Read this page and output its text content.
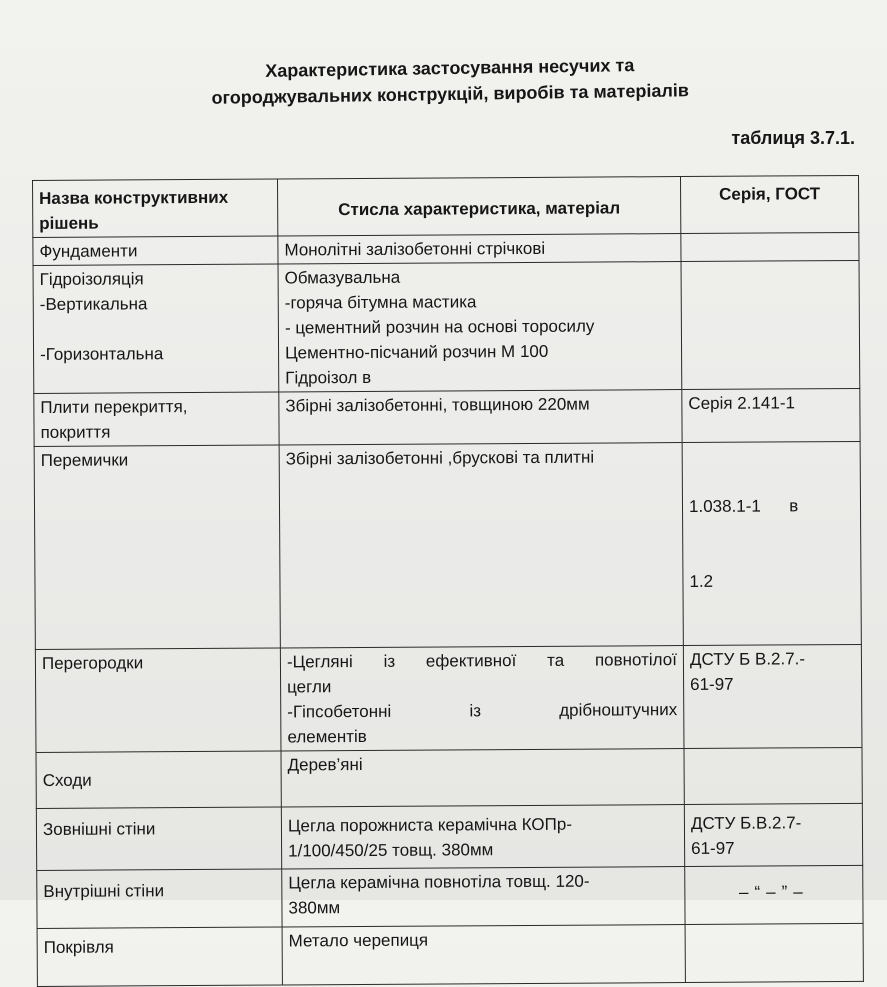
Характеристика застосування несучих та
огороджувальних конструкцій, виробів та матеріалів
таблиця 3.7.1.
Назва конструктивних
рішень	Стисла характеристика, матеріал	Серія, ГОСТ
Фундаменти	Монолітні залізобетонні стрічкові	

Гідроізоляція
-Вертикальна

-Горизонтальна	Обмазувальна
-горяча бітумна мастика
- цементний розчин на основі торосилу
Цементно-пісчаний розчин М 100
Гідроізол в	

Плити перекриття,
покриття	Збірні залізобетонні, товщиною 220мм	Серія 2.141-1

Перемички	Збірні залізобетонні ,брускові та плитні	1.038.1-1      в

1.2

Перегородки	-Цегляні із ефективної та повнотілої
цегли
-Гіпсобетонні із дрібноштучних
елементів	ДСТУ Б В.2.7.-
61-97

Сходи	Дерев’яні	

Зовнішні стіни	Цегла порожниста керамічна КОПр-
1/100/450/25 товщ. 380мм	ДСТУ Б.В.2.7-
61-97

Внутрішні стіни	Цегла керамічна повнотіла товщ. 120-
380мм	–“–”–

Покрівля	Метало черепиця	
